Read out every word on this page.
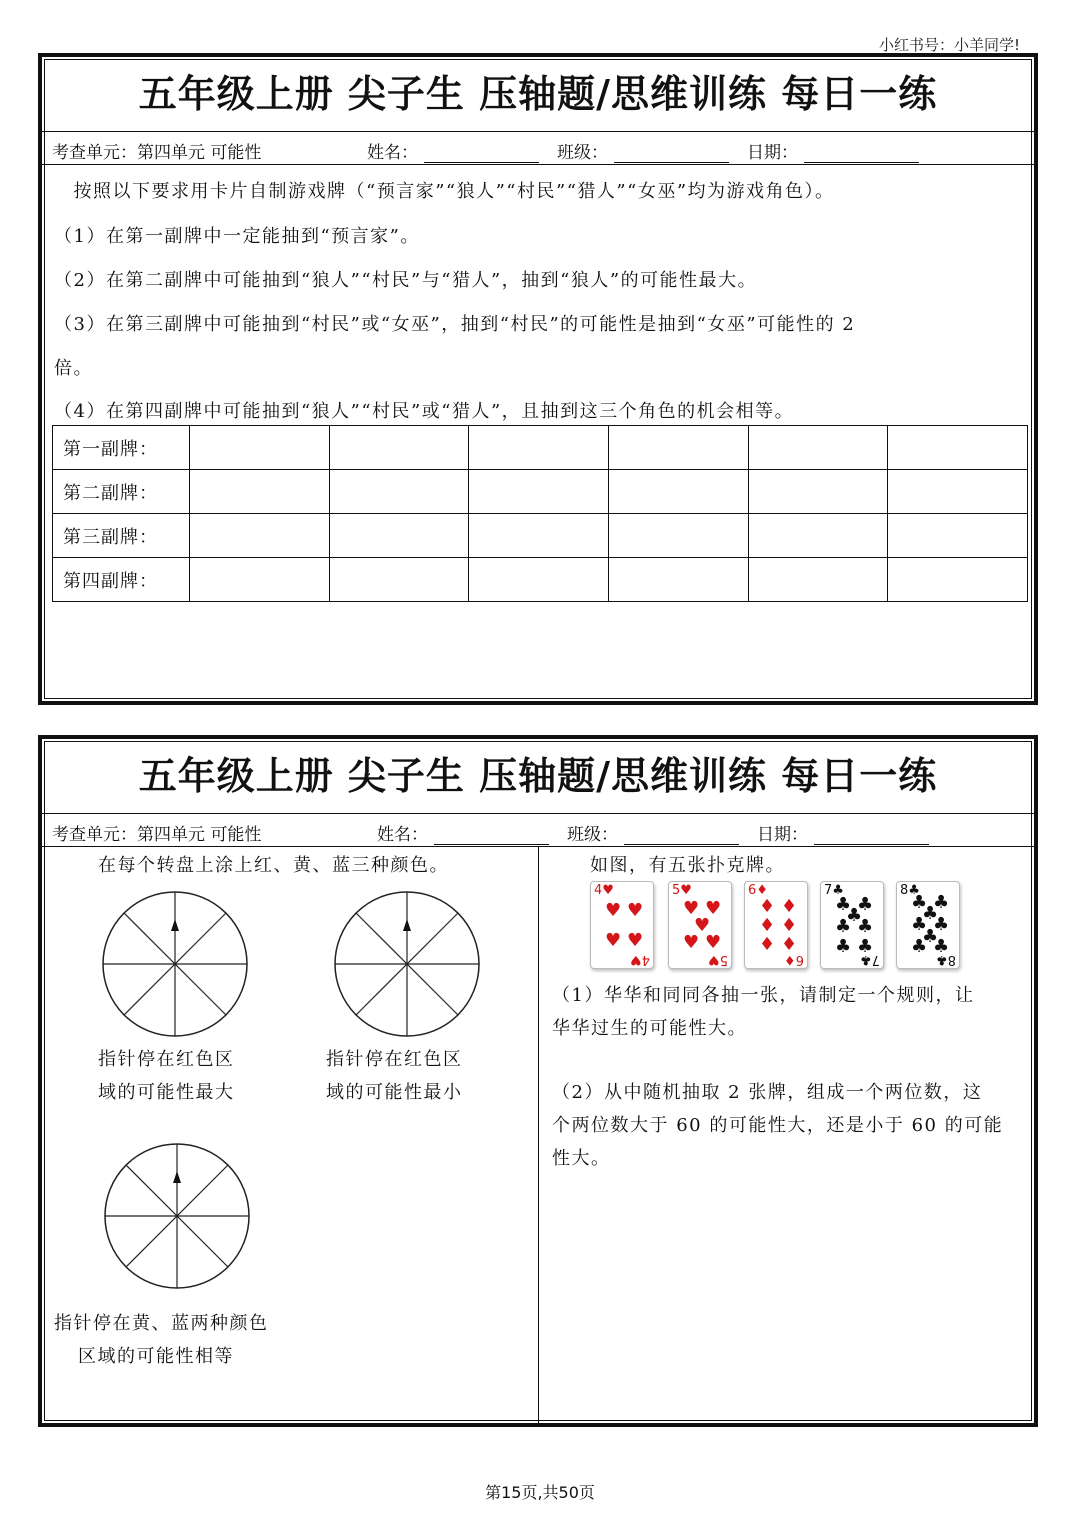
小红书号：小羊同学!
五年级上册 尖子生 压轴题/思维训练 每日一练
考查单元：第四单元 可能性	姓名：	班级：	日期：
　按照以下要求用卡片自制游戏牌（“预言家”“狼人”“村民”“猎人”“女巫”均为游戏角色）。
（1）在第一副牌中一定能抽到“预言家”。
（2）在第二副牌中可能抽到“狼人”“村民”与“猎人”，抽到“狼人”的可能性最大。
（3）在第三副牌中可能抽到“村民”或“女巫”，抽到“村民”的可能性是抽到“女巫”可能性的 2
倍。
（4）在第四副牌中可能抽到“狼人”“村民”或“猎人”，且抽到这三个角色的机会相等。
第一副牌：						
第二副牌：						
第三副牌：						
第四副牌：						
五年级上册 尖子生 压轴题/思维训练 每日一练
考查单元：第四单元 可能性	姓名：	班级：	日期：
在每个转盘上涂上红、黄、蓝三种颜色。
指针停在红色区
域的可能性最大
指针停在红色区
域的可能性最小
指针停在黄、蓝两种颜色
区域的可能性相等
如图，有五张扑克牌。
4♥
4♥
♥ ♥
♥ ♥
5♥
5♥
♥ ♥
♥
♥ ♥
6♦
6♦
♦ ♦
♦ ♦
♦ ♦
7♣
7♣
♣ ♣
♣
♣ ♣
♣ ♣
8♣
8♣
♣ ♣
♣
♣ ♣
♣
♣ ♣
（1）华华和同同各抽一张，请制定一个规则，让
华华过生的可能性大。
（2）从中随机抽取 2 张牌，组成一个两位数，这
个两位数大于 60 的可能性大，还是小于 60 的可能
性大。
第15页,共50页
